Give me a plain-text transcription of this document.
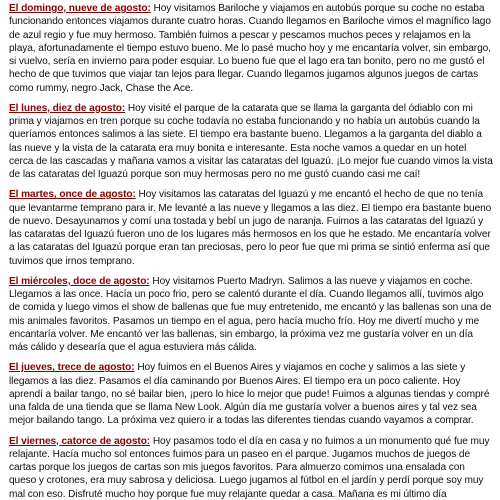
El domingo, nueve de agosto: Hoy visitamos Bariloche y viajamos en autobús porque su coche no estaba funcionando entonces viajamos durante cuatro horas. Cuando llegamos en Bariloche vimos el magnífico lago de azul regio y fue muy hermoso. También fuimos a pescar y pescamos muchos peces y relajamos en la playa, afortunadamente el tiempo estuvo bueno. Me lo pasé mucho hoy y me encantaría volver, sin embargo, si vuelvo, sería en invierno para poder esquiar. Lo bueno fue que el lago era tan bonito, pero no me gustó el hecho de que tuvimos que viajar tan lejos para llegar. Cuando llegamos jugamos algunos juegos de cartas como rummy, negro Jack, Chase the Ace.
El lunes, diez de agosto: Hoy visité el parque de la catarata que se llama la garganta del ódiablo con mi prima y viajamos en tren porque su coche todavía no estaba funcionando y no había un autobús cuando la queríamos entonces salimos a las siete. El tiempo era bastante bueno. Llegamos a la garganta del diablo a las nueve y la vista de la catarata era muy bonita e interesante. Esta noche vamos a quedar en un hotel cerca de las cascadas y mañana vamos a visitar las cataratas del Iguazú. ¡Lo mejor fue cuando vimos la vista de las cataratas del Iguazú porque son muy hermosas pero no me gustó cuando casi me caí!
El martes, once de agosto: Hoy visitamos las cataratas del Iguazú y me encantó el hecho de que no tenía que levantarme temprano para ir. Me levanté a las nueve y llegamos a las diez. El tiempo era bastante bueno de nuevo. Desayunamos y comí una tostada y bebí un jugo de naranja. Fuimos a las cataratas del Iguazú y las cataratas del Iguazú fueron uno de los lugares más hermosos en los que he estado. Me encantaría volver a las cataratas del Iguazú porque eran tan preciosas, pero lo peor fue que mi prima se sintió enferma así que tuvimos que irnos temprano.
El miércoles, doce de agosto: Hoy visitamos Puerto Madryn. Salimos a las nueve y viajamos en coche. Llegamos a las once. Hacía un poco frio, pero se calentó durante el día. Cuando llegamos allí, tuvimos algo de comida y luego vimos el show de ballenas que fue muy entretenido, me encantó y las ballenas son una de mis animales favoritos. Pasamos un tiempo en el agua, pero hacía mucho frío. Hoy me divertí mucho y me encantaría volver. Me encantó ver las ballenas, sin embargo, la próxima vez me gustaría volver en un día más cálido y desearía que el agua estuviera más cálida.
El jueves, trece de agosto: Hoy fuimos en el Buenos Aires y viajamos en coche y salimos a las siete y llegamos a las diez. Pasamos el día caminando por Buenos Aires. El tiempo era un poco caliente. Hoy aprendí a bailar tango, no sé bailar bien, ¡pero lo hice lo mejor que pude! Fuimos a algunas tiendas y compré una falda de una tienda que se llama New Look. Algún día me gustaría volver a buenos aires y tal vez sea mejor bailando tango. La próxima vez quiero ir a todas las diferentes tiendas cuando vayamos a comprar.
El viernes, catorce de agosto: Hoy pasamos todo el día en casa y no fuimos a un monumento qué fue muy relajante. Hacía mucho sol entonces fuimos para un paseo en el parque. Jugamos muchos de juegos de cartas porque los juegos de cartas son mis juegos favoritos. Para almuerzo comimos una ensalada con queso y crotones, era muy sabrosa y deliciosa. Luego jugamos al fútbol en el jardín y perdí porque soy muy mal con eso. Disfruté mucho hoy porque fue muy relajante quedar a casa. Mañana es mi último día
